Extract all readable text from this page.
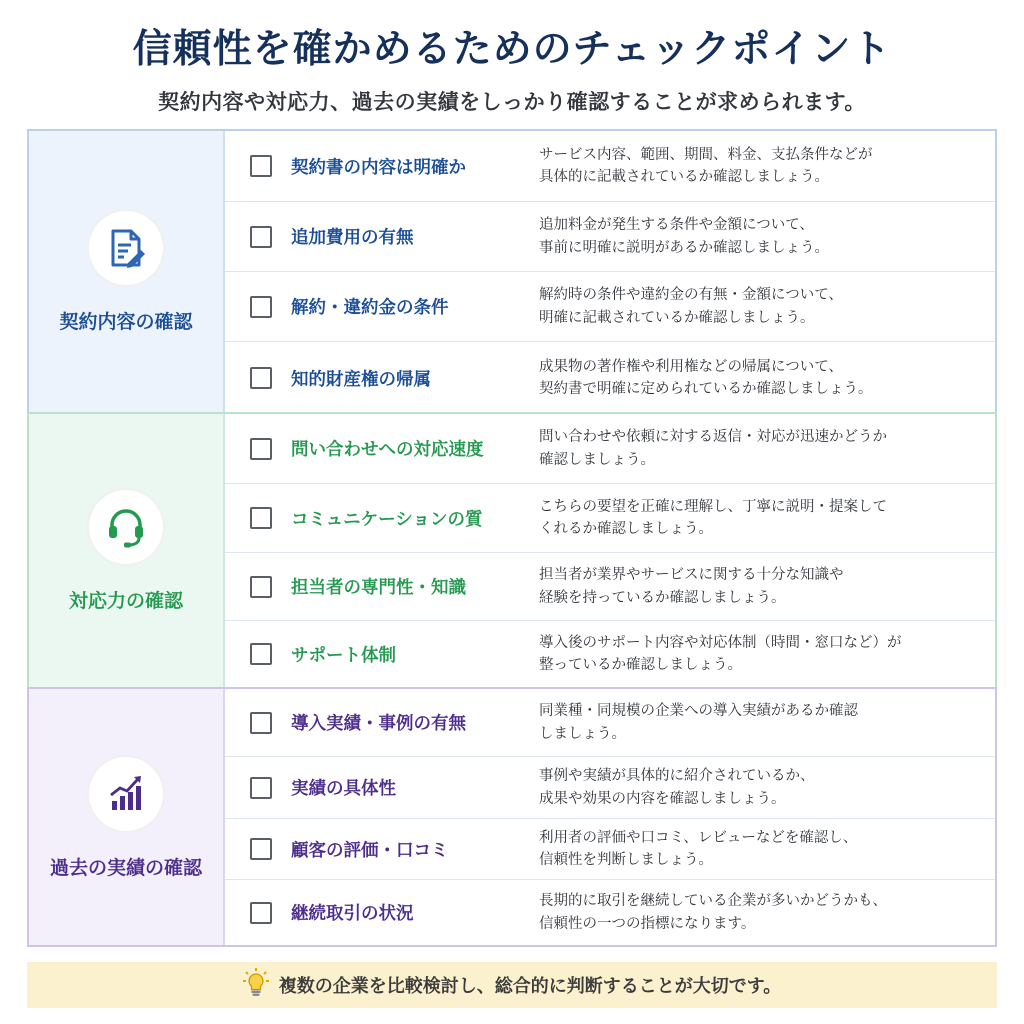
信頼性を確かめるためのチェックポイント
契約内容や対応力、過去の実績をしっかり確認することが求められます。
契約内容の確認
契約書の内容は明確か
サービス内容、範囲、期間、料金、支払条件などが
具体的に記載されているか確認しましょう。
追加費用の有無
追加料金が発生する条件や金額について、
事前に明確に説明があるか確認しましょう。
解約・違約金の条件
解約時の条件や違約金の有無・金額について、
明確に記載されているか確認しましょう。
知的財産権の帰属
成果物の著作権や利用権などの帰属について、
契約書で明確に定められているか確認しましょう。
対応力の確認
問い合わせへの対応速度
問い合わせや依頼に対する返信・対応が迅速かどうか
確認しましょう。
コミュニケーションの質
こちらの要望を正確に理解し、丁寧に説明・提案して
くれるか確認しましょう。
担当者の専門性・知識
担当者が業界やサービスに関する十分な知識や
経験を持っているか確認しましょう。
サポート体制
導入後のサポート内容や対応体制（時間・窓口など）が
整っているか確認しましょう。
過去の実績の確認
導入実績・事例の有無
同業種・同規模の企業への導入実績があるか確認
しましょう。
実績の具体性
事例や実績が具体的に紹介されているか、
成果や効果の内容を確認しましょう。
顧客の評価・口コミ
利用者の評価や口コミ、レビューなどを確認し、
信頼性を判断しましょう。
継続取引の状況
長期的に取引を継続している企業が多いかどうかも、
信頼性の一つの指標になります。
複数の企業を比較検討し、総合的に判断することが大切です。
